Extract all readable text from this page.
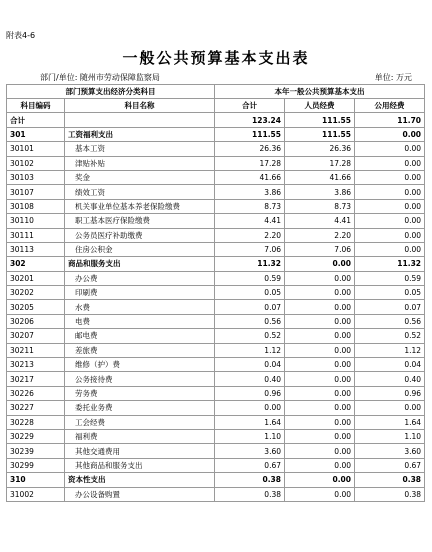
附表4-6
一般公共预算基本支出表
部门/单位: 随州市劳动保障监察局	单位: 万元
部门预算支出经济分类科目		本年一般公共预算基本支出		
科目编码	科目名称	合计	人员经费	公用经费
合计		123.24	111.55	11.70
301	工资福利支出	111.55	111.55	0.00
30101	基本工资	26.36	26.36	0.00
30102	津贴补贴	17.28	17.28	0.00
30103	奖金	41.66	41.66	0.00
30107	绩效工资	3.86	3.86	0.00
30108	机关事业单位基本养老保险缴费	8.73	8.73	0.00
30110	职工基本医疗保险缴费	4.41	4.41	0.00
30111	公务员医疗补助缴费	2.20	2.20	0.00
30113	住房公积金	7.06	7.06	0.00
302	商品和服务支出	11.32	0.00	11.32
30201	办公费	0.59	0.00	0.59
30202	印刷费	0.05	0.00	0.05
30205	水费	0.07	0.00	0.07
30206	电费	0.56	0.00	0.56
30207	邮电费	0.52	0.00	0.52
30211	差旅费	1.12	0.00	1.12
30213	维修（护）费	0.04	0.00	0.04
30217	公务接待费	0.40	0.00	0.40
30226	劳务费	0.96	0.00	0.96
30227	委托业务费	0.00	0.00	0.00
30228	工会经费	1.64	0.00	1.64
30229	福利费	1.10	0.00	1.10
30239	其他交通费用	3.60	0.00	3.60
30299	其他商品和服务支出	0.67	0.00	0.67
310	资本性支出	0.38	0.00	0.38
31002	办公设备购置	0.38	0.00	0.38
